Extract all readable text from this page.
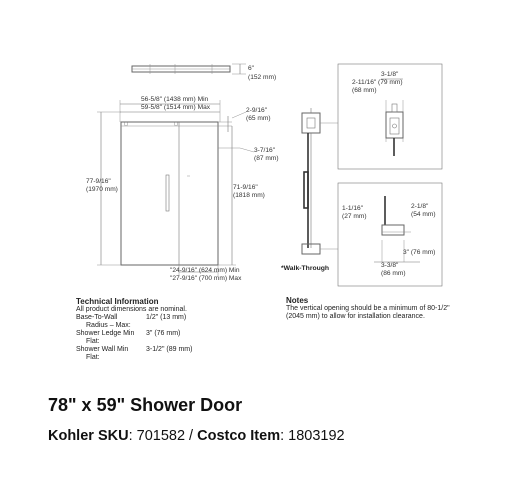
6"
(152 mm)
56-5/8" (1438 mm) Min
59-5/8" (1514 mm) Max	2-9/16"
(65 mm)
3-7/16"
(87 mm)
77-9/16"
(1970 mm)	71-9/16"
(1818 mm)
"24-9/16" (624 mm) Min
"27-9/16" (700 mm) Max
*Walk-Through
3-1/8"
2-11/16" (79 mm)
(68 mm)
1-1/16"
(27 mm)
2-1/8"
(54 mm)
3" (76 mm)
3-3/8"
(86 mm)
Technical Information
All product dimensions are nominal.
Base-To-Wall
Radius – Max:
1/2" (13 mm)
Shower Ledge Min
Flat:
3" (76 mm)
Shower Wall Min
Flat:
3-1/2" (89 mm)
Notes
The vertical opening should be a minimum of 80-1/2" (2045 mm) to allow for installation clearance.
78" x 59" Shower Door
Kohler SKU: 701582 / Costco Item: 1803192
